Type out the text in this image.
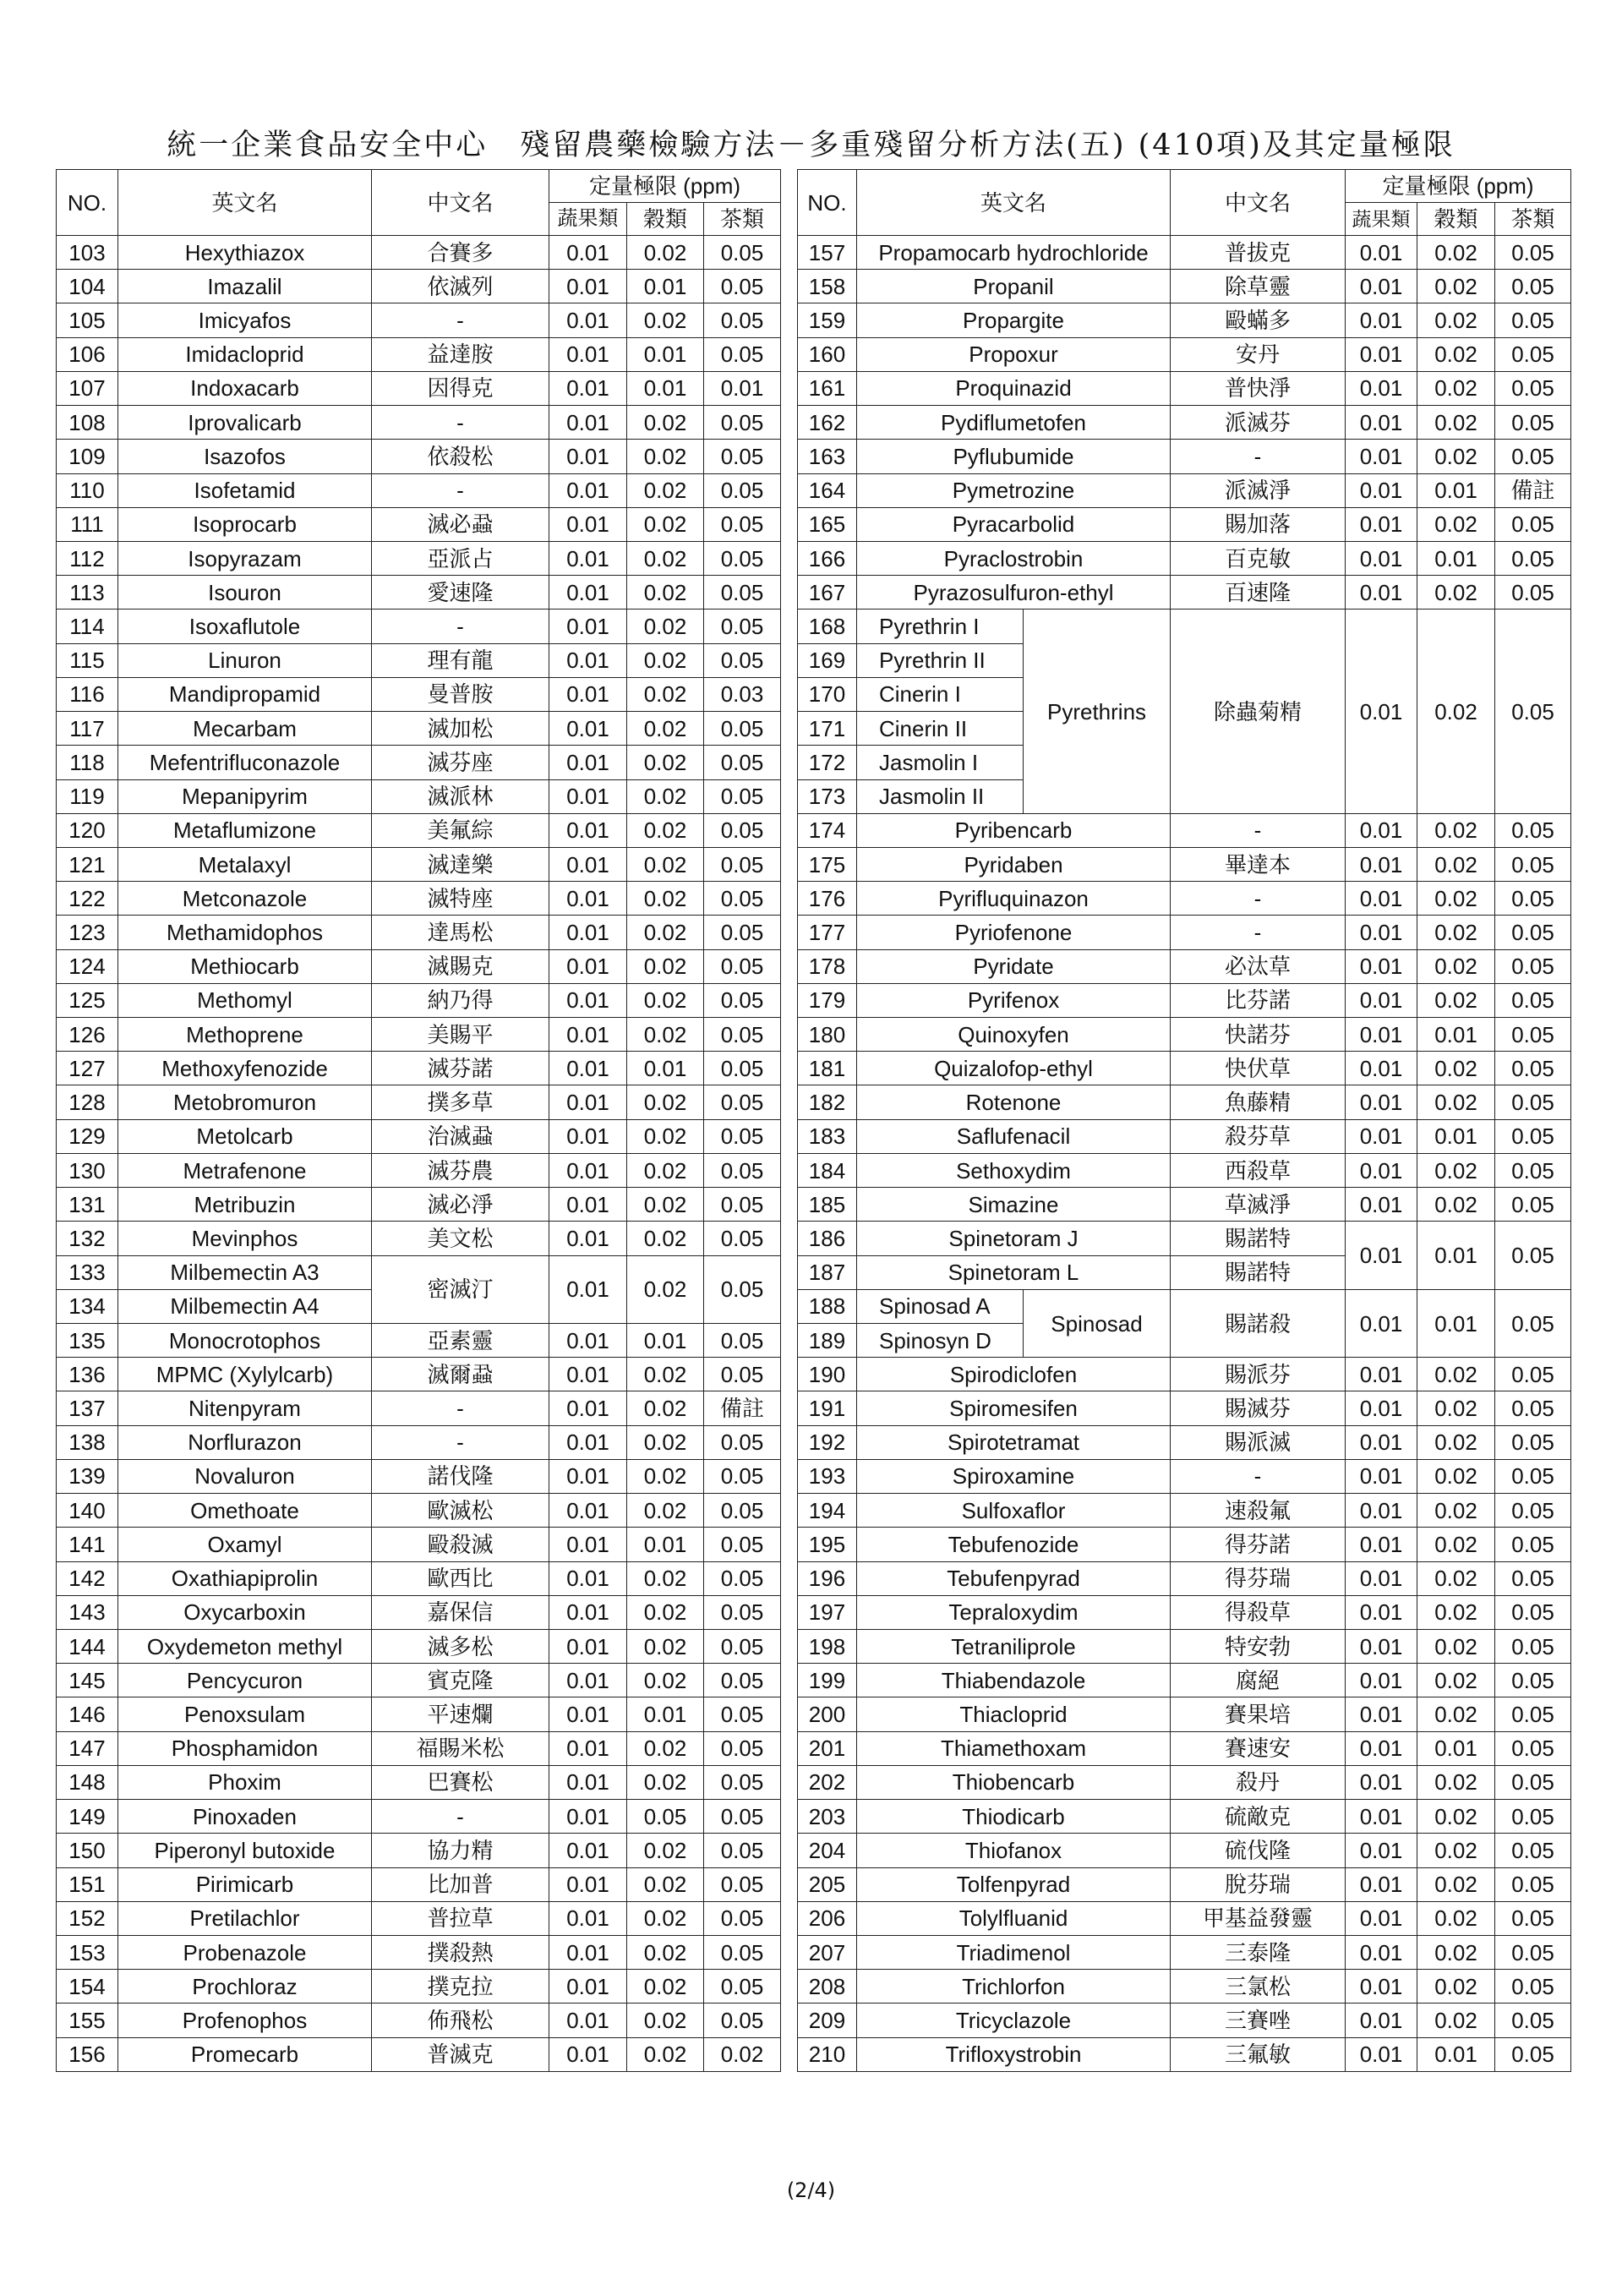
統一企業食品安全中心　殘留農藥檢驗方法－多重殘留分析方法(五) (410項)及其定量極限
NO.	英文名	中文名	定量極限 (ppm)		
			蔬果類	穀類	茶類
103	Hexythiazox	合賽多	0.01	0.02	0.05
104	Imazalil	依滅列	0.01	0.01	0.05
105	Imicyafos	-	0.01	0.02	0.05
106	Imidacloprid	益達胺	0.01	0.01	0.05
107	Indoxacarb	因得克	0.01	0.01	0.01
108	Iprovalicarb	-	0.01	0.02	0.05
109	Isazofos	依殺松	0.01	0.02	0.05
110	Isofetamid	-	0.01	0.02	0.05
111	Isoprocarb	滅必蝨	0.01	0.02	0.05
112	Isopyrazam	亞派占	0.01	0.02	0.05
113	Isouron	愛速隆	0.01	0.02	0.05
114	Isoxaflutole	-	0.01	0.02	0.05
115	Linuron	理有龍	0.01	0.02	0.05
116	Mandipropamid	曼普胺	0.01	0.02	0.03
117	Mecarbam	滅加松	0.01	0.02	0.05
118	Mefentrifluconazole	滅芬座	0.01	0.02	0.05
119	Mepanipyrim	滅派林	0.01	0.02	0.05
120	Metaflumizone	美氟綜	0.01	0.02	0.05
121	Metalaxyl	滅達樂	0.01	0.02	0.05
122	Metconazole	滅特座	0.01	0.02	0.05
123	Methamidophos	達馬松	0.01	0.02	0.05
124	Methiocarb	滅賜克	0.01	0.02	0.05
125	Methomyl	納乃得	0.01	0.02	0.05
126	Methoprene	美賜平	0.01	0.02	0.05
127	Methoxyfenozide	滅芬諾	0.01	0.01	0.05
128	Metobromuron	撲多草	0.01	0.02	0.05
129	Metolcarb	治滅蝨	0.01	0.02	0.05
130	Metrafenone	滅芬農	0.01	0.02	0.05
131	Metribuzin	滅必淨	0.01	0.02	0.05
132	Mevinphos	美文松	0.01	0.02	0.05
133	Milbemectin A3	密滅汀	0.01	0.02	0.05
134	Milbemectin A4				
135	Monocrotophos	亞素靈	0.01	0.01	0.05
136	MPMC (Xylylcarb)	滅爾蝨	0.01	0.02	0.05
137	Nitenpyram	-	0.01	0.02	備註
138	Norflurazon	-	0.01	0.02	0.05
139	Novaluron	諾伐隆	0.01	0.02	0.05
140	Omethoate	歐滅松	0.01	0.02	0.05
141	Oxamyl	毆殺滅	0.01	0.01	0.05
142	Oxathiapiprolin	歐西比	0.01	0.02	0.05
143	Oxycarboxin	嘉保信	0.01	0.02	0.05
144	Oxydemeton methyl	滅多松	0.01	0.02	0.05
145	Pencycuron	賓克隆	0.01	0.02	0.05
146	Penoxsulam	平速爛	0.01	0.01	0.05
147	Phosphamidon	福賜米松	0.01	0.02	0.05
148	Phoxim	巴賽松	0.01	0.02	0.05
149	Pinoxaden	-	0.01	0.05	0.05
150	Piperonyl butoxide	協力精	0.01	0.02	0.05
151	Pirimicarb	比加普	0.01	0.02	0.05
152	Pretilachlor	普拉草	0.01	0.02	0.05
153	Probenazole	撲殺熱	0.01	0.02	0.05
154	Prochloraz	撲克拉	0.01	0.02	0.05
155	Profenophos	佈飛松	0.01	0.02	0.05
156	Promecarb	普滅克	0.01	0.02	0.02
NO.	英文名		中文名	定量極限 (ppm)		
				蔬果類	穀類	茶類
157	Propamocarb hydrochloride		普拔克	0.01	0.02	0.05
158	Propanil		除草靈	0.01	0.02	0.05
159	Propargite		毆蟎多	0.01	0.02	0.05
160	Propoxur		安丹	0.01	0.02	0.05
161	Proquinazid		普快淨	0.01	0.02	0.05
162	Pydiflumetofen		派滅芬	0.01	0.02	0.05
163	Pyflubumide		-	0.01	0.02	0.05
164	Pymetrozine		派滅淨	0.01	0.01	備註
165	Pyracarbolid		賜加落	0.01	0.02	0.05
166	Pyraclostrobin		百克敏	0.01	0.01	0.05
167	Pyrazosulfuron-ethyl		百速隆	0.01	0.02	0.05
168	Pyrethrin I	Pyrethrins	除蟲菊精	0.01	0.02	0.05
169	Pyrethrin II					
170	Cinerin I					
171	Cinerin II					
172	Jasmolin I					
173	Jasmolin II					
174	Pyribencarb		-	0.01	0.02	0.05
175	Pyridaben		畢達本	0.01	0.02	0.05
176	Pyrifluquinazon		-	0.01	0.02	0.05
177	Pyriofenone		-	0.01	0.02	0.05
178	Pyridate		必汰草	0.01	0.02	0.05
179	Pyrifenox		比芬諾	0.01	0.02	0.05
180	Quinoxyfen		快諾芬	0.01	0.01	0.05
181	Quizalofop-ethyl		快伏草	0.01	0.02	0.05
182	Rotenone		魚藤精	0.01	0.02	0.05
183	Saflufenacil		殺芬草	0.01	0.01	0.05
184	Sethoxydim		西殺草	0.01	0.02	0.05
185	Simazine		草滅淨	0.01	0.02	0.05
186	Spinetoram J		賜諾特	0.01	0.01	0.05
187	Spinetoram L		賜諾特			
188	Spinosad A	Spinosad	賜諾殺	0.01	0.01	0.05
189	Spinosyn D					
190	Spirodiclofen		賜派芬	0.01	0.02	0.05
191	Spiromesifen		賜滅芬	0.01	0.02	0.05
192	Spirotetramat		賜派滅	0.01	0.02	0.05
193	Spiroxamine		-	0.01	0.02	0.05
194	Sulfoxaflor		速殺氟	0.01	0.02	0.05
195	Tebufenozide		得芬諾	0.01	0.02	0.05
196	Tebufenpyrad		得芬瑞	0.01	0.02	0.05
197	Tepraloxydim		得殺草	0.01	0.02	0.05
198	Tetraniliprole		特安勃	0.01	0.02	0.05
199	Thiabendazole		腐絕	0.01	0.02	0.05
200	Thiacloprid		賽果培	0.01	0.02	0.05
201	Thiamethoxam		賽速安	0.01	0.01	0.05
202	Thiobencarb		殺丹	0.01	0.02	0.05
203	Thiodicarb		硫敵克	0.01	0.02	0.05
204	Thiofanox		硫伐隆	0.01	0.02	0.05
205	Tolfenpyrad		脫芬瑞	0.01	0.02	0.05
206	Tolylfluanid		甲基益發靈	0.01	0.02	0.05
207	Triadimenol		三泰隆	0.01	0.02	0.05
208	Trichlorfon		三氯松	0.01	0.02	0.05
209	Tricyclazole		三賽唑	0.01	0.02	0.05
210	Trifloxystrobin		三氟敏	0.01	0.01	0.05
(2/4)
